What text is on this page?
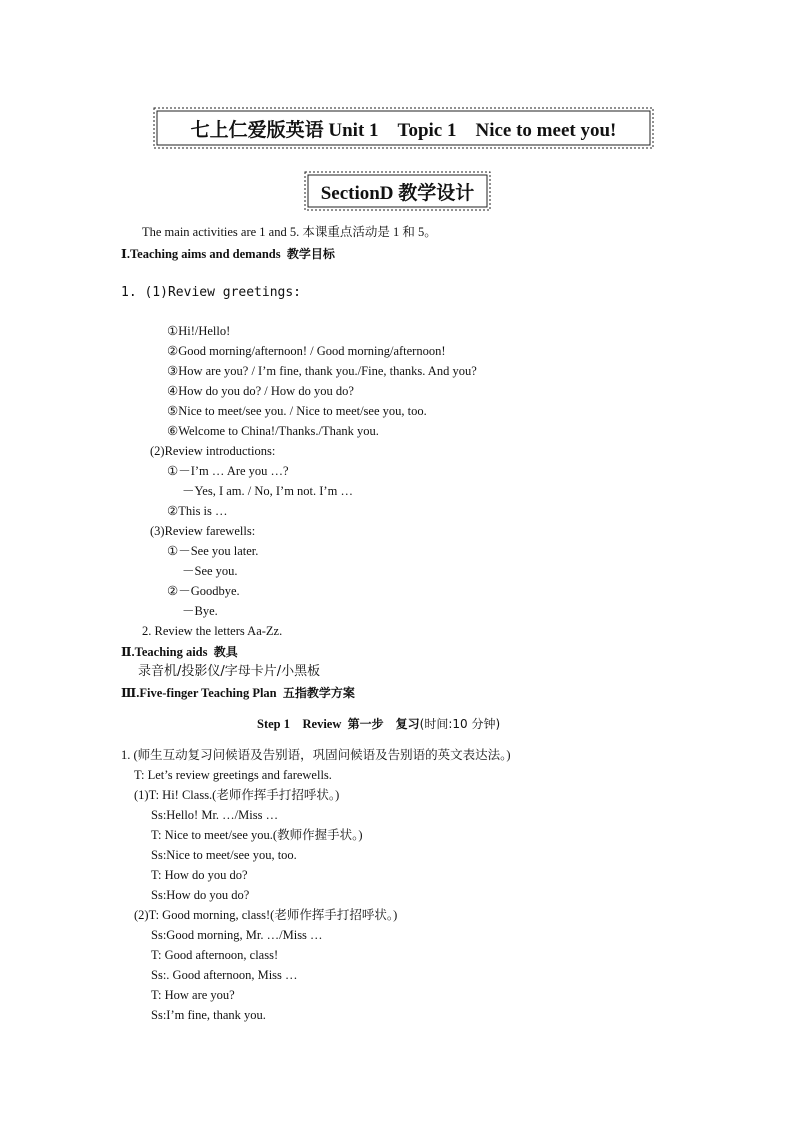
七上仁爱版英语 Unit 1　Topic 1　Nice to meet you!
SectionD 教学设计
The main activities are 1 and 5. 本课重点活动是 1 和 5。
Ⅰ.Teaching aims and demands 教学目标
1. (1)Review greetings:
①Hi!/Hello!
②Good morning/afternoon! / Good morning/afternoon!
③How are you? / I’m fine, thank you./Fine, thanks. And you?
④How do you do? / How do you do?
⑤Nice to meet/see you. / Nice to meet/see you, too.
⑥Welcome to China!/Thanks./Thank you.
(2)Review introductions:
①－I’m … Are you …?
－Yes, I am. / No, I’m not. I’m …
②This is …
(3)Review farewells:
①－See you later.
－See you.
②－Goodbye.
－Bye.
2. Review the letters Aa-Zz.
Ⅱ.Teaching aids 教具
录音机/投影仪/字母卡片/小黑板
Ⅲ.Five-finger Teaching Plan 五指教学方案
Step 1　Review 第一步　复习(时间:10 分钟)
1. (师生互动复习问候语及告别语，巩固问候语及告别语的英文表达法。)
T: Let’s review greetings and farewells.
(1)T: Hi! Class.(老师作挥手打招呼状。)
Ss:Hello! Mr. …/Miss …
T: Nice to meet/see you.(教师作握手状。)
Ss:Nice to meet/see you, too.
T: How do you do?
Ss:How do you do?
(2)T: Good morning, class!(老师作挥手打招呼状。)
Ss:Good morning, Mr. …/Miss …
T: Good afternoon, class!
Ss:. Good afternoon, Miss …
T: How are you?
Ss:I’m fine, thank you.
